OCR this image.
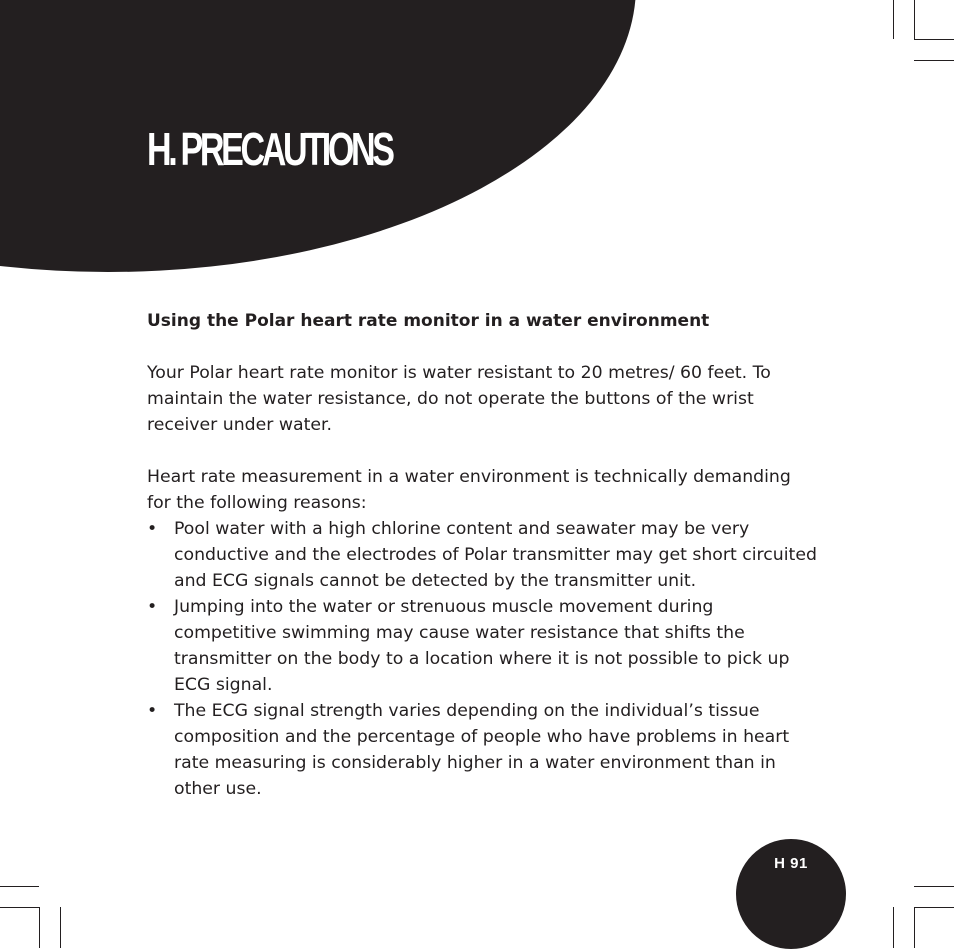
H. PRECAUTIONS

Using the Polar heart rate monitor in a water environment

Your Polar heart rate monitor is water resistant to 20 metres/ 60 feet. To maintain the water resistance, do not operate the buttons of the wrist receiver under water.

Heart rate measurement in a water environment is technically demanding for the following reasons:

• Pool water with a high chlorine content and seawater may be very conductive and the electrodes of Polar transmitter may get short circuited and ECG signals cannot be detected by the transmitter unit.
• Jumping into the water or strenuous muscle movement during competitive swimming may cause water resistance that shifts the transmitter on the body to a location where it is not possible to pick up ECG signal.
• The ECG signal strength varies depending on the individual’s tissue composition and the percentage of people who have problems in heart rate measuring is considerably higher in a water environment than in other use.
H 91
